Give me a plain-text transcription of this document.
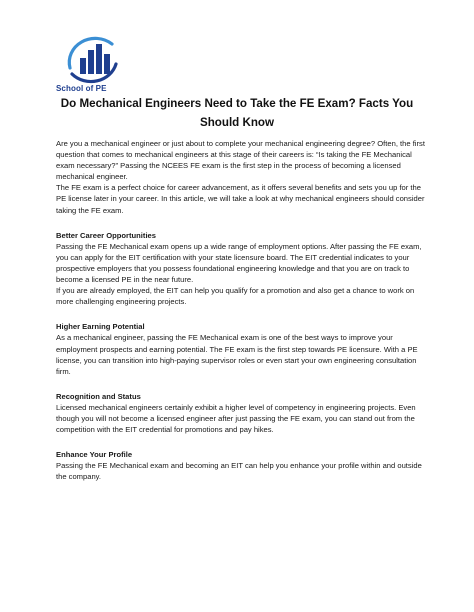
School of PE
Do Mechanical Engineers Need to Take the FE Exam? Facts You Should Know

Are you a mechanical engineer or just about to complete your mechanical engineering degree? Often, the first question that comes to mechanical engineers at this stage of their careers is: “Is taking the FE Mechanical exam necessary?” Passing the NCEES FE exam is the first step in the process of becoming a licensed mechanical engineer.

The FE exam is a perfect choice for career advancement, as it offers several benefits and sets you up for the PE license later in your career. In this article, we will take a look at why mechanical engineers should consider taking the FE exam.

Better Career Opportunities

Passing the FE Mechanical exam opens up a wide range of employment options. After passing the FE exam, you can apply for the EIT certification with your state licensure board. The EIT credential indicates to your prospective employers that you possess foundational engineering knowledge and that you are on track to become a licensed PE in the near future.

If you are already employed, the EIT can help you qualify for a promotion and also get a chance to work on more challenging engineering projects.

Higher Earning Potential

As a mechanical engineer, passing the FE Mechanical exam is one of the best ways to improve your employment prospects and earning potential. The FE exam is the first step towards PE licensure. With a PE license, you can transition into high-paying supervisor roles or even start your own engineering consultation firm.

Recognition and Status

Licensed mechanical engineers certainly exhibit a higher level of competency in engineering projects. Even though you will not become a licensed engineer after just passing the FE exam, you can stand out from the competition with the EIT credential for promotions and pay hikes.

Enhance Your Profile

Passing the FE Mechanical exam and becoming an EIT can help you enhance your profile within and outside the company.
